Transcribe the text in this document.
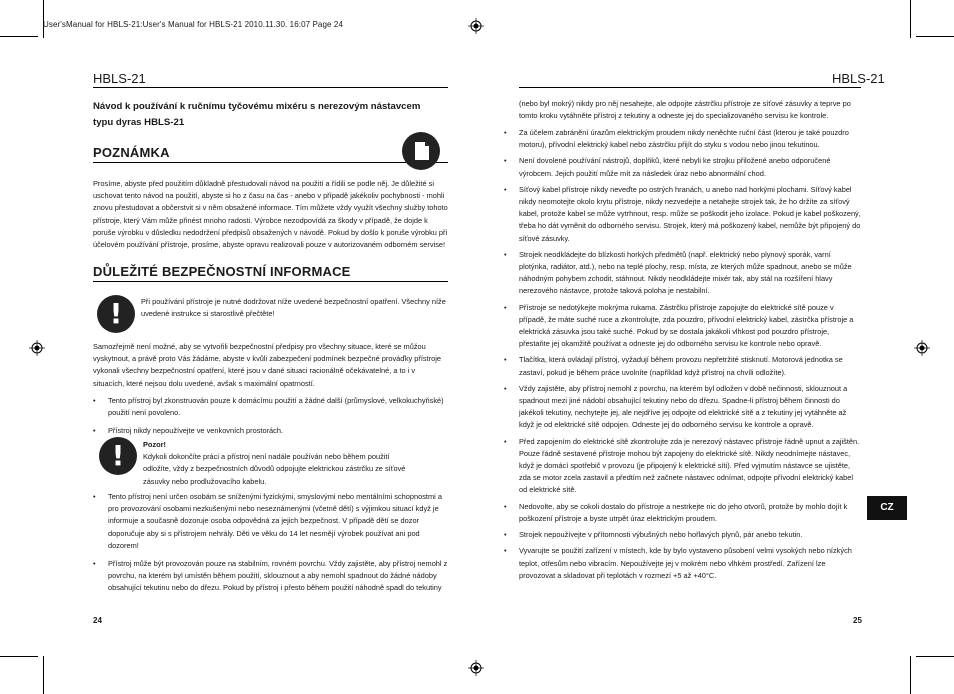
User'sManual for HBLS-21:User's Manual for HBLS-21 2010.11.30. 16:07 Page 24
HBLS-21	HBLS-21
Návod k používání k ručnímu tyčovému mixéru s nerezovým nástavcem
typu dyras HBLS-21
POZNÁMKA
Prosíme, abyste před použitím důkladně přestudovali návod na použití a řídili se podle něj. Je důležité si uschovat tento návod na použití, abyste si ho z času na čas - anebo v případě jakékoliv pochybnosti - mohli znovu přestudovat a občerstvit si v něm obsažené informace. Tím můžete vždy využít všechny služby tohoto přístroje, který Vám může přinést mnoho radosti. Výrobce nezodpovídá za škody v případě, že dojde k poruše výrobku v důsledku nedodržení předpisů obsažených v návodě. Pokud by došlo k poruše výrobku při účelovém používání přístroje, prosíme, abyste opravu realizovali pouze v autorizovaném odborném servise!
DŮLEŽITÉ BEZPEČNOSTNÍ INFORMACE
!	Při používání přístroje je nutné dodržovat níže uvedené bezpečnostní opatření. Všechny níže uvedené instrukce si starostlivě přečtěte!
Samozřejmě není možné, aby se vytvořili bezpečnostní předpisy pro všechny situace, které se můžou vyskytnout, a právě proto Vás žádáme, abyste v kvůli zabezpečení podmínek bezpečné prováďky přístroje vykonali všechny bezpečnostní opatření, které jsou v dané situaci racionálně očekávatelné, a to i v situacích, které nejsou dolu uvedené, avšak s maximální opatrností.
• Tento přístroj byl zkonstruován pouze k domácímu použití a žádné další (průmyslové, velkokuchyňské) použití není povoleno.
• Přístroj nikdy nepoužívejte ve venkovních prostorách.
!	Pozor!
Kdykoli dokončíte práci a přístroj není nadále používán nebo během použití odložíte, vždy z bezpečnostních důvodů odpojujte elektrickou zástrčku ze síťové zásuvky nebo prodlužovacího kabelu.
• Tento přístroj není určen osobám se sníženými fyzickými, smyslovými nebo mentálními schopnostmi a pro provozování osobami nezkušenými nebo neseznámenými (včetně dětí) s výjimkou situací když je informuje a současně dozoruje osoba odpovědná za jejich bezpečnost. V případě dětí se dozor doporučuje aby si s přístrojem nehrály. Děti ve věku do 14 let nesmějí výrobek používat ani pod dozorem!
• Přístroj může být provozován pouze na stabilním, rovném povrchu. Vždy zajistěte, aby přístroj nemohl z povrchu, na kterém byl umístěn během použití, sklouznout a aby nemohl spadnout do žádné nádoby obsahující tekutinu nebo do dřezu. Pokud by přístroj i přesto během použití náhodně spadl do tekutiny
24
(nebo byl mokrý) nikdy pro něj nesahejte, ale odpojte zástrčku přístroje ze síťové zásuvky a teprve po tomto kroku vytáhněte přístroj z tekutiny a odneste jej do specializovaného servisu ke kontrole.
• Za účelem zabránění úrazům elektrickým proudem nikdy neněchte ruční část (kterou je také pouzdro motoru), přívodní elektrický kabel nebo zástrčku přijít do styku s vodou nebo jinou tekutinou.
• Není dovolené používání nástrojů, doplňků, které nebyli ke strojku přiložené anebo odporučené výrobcem. Jejich použití může mít za následek úraz nebo abnormální chod.
• Síťový kabel přístroje nikdy neveďte po ostrých hranách, u anebo nad horkými plochami. Síťový kabel nikdy neomotejte okolo krytu přístroje, nikdy nezvedejte a netahejte strojek tak, že ho držíte za síťový kabel, protože kabel se může vytrhnout, resp. může se poškodit jeho izolace. Pokud je kabel poškozený, třeba ho dát vyměnit do odborného servisu. Strojek, který má poškozený kabel, nemůže být připojený do síťové zásuvky.
• Strojek neodkládejte do blízkosti horkých předmětů (např. elektrický nebo plynový sporák, varní plotýnka, radiátor, atd.), nebo na teplé plochy, resp. místa, ze kterých může spadnout, anebo se může náhodným pohybem zchodit, stáhnout. Nikdy neodkládejte mixér tak, aby stál na rozšíření hlavy nerezového nástavce, protože taková poloha je nestabilní.
• Přístroje se nedotýkejte mokrýma rukama. Zástrčku přístroje zapojujte do elektrické sítě pouze v případě, že máte suché ruce a zkontrolujte, zda pouzdro, přívodní elektrický kabel, zástrčka přístroje a elektrická zásuvka jsou také suché. Pokud by se dostala jakákoli vlhkost pod pouzdro přístroje, přestaňte jej okamžitě používat a odneste jej do odborného servisu ke kontrole nebo opravě.
• Tlačítka, která ovládají přístroj, vyžadují během provozu nepřetržité stisknutí. Motorová jednotka se zastaví, pokud je během práce uvolníte (například když přístroj na chvíli odložíte).
• Vždy zajistěte, aby přístroj nemohl z povrchu, na kterém byl odložen v době nečinnosti, sklouznout a spadnout mezi jiné nádobí obsahující tekutiny nebo do dřezu. Spadne-li přístroj během činnosti do jakékoli tekutiny, nechytejte jej, ale nejdříve jej odpojte od elektrické sítě a z tekutiny jej vytáhněte až když je od elektrické sítě odpojen. Odneste jej do odborného servisu ke kontrole a opravě.
• Před zapojením do elektrické sítě zkontrolujte zda je nerezový nástavec přístroje řádně upnut a zajištěn. Pouze řádně sestavené přístroje mohou být zapojeny do elektrické sítě. Nikdy neodnímejte nástavec, když je domácí spotřebič v provozu (je připojený k elektrické síti). Před vyjmutím nástavce se ujistěte, zda se motor zcela zastavil a předtím než začnete nástavec odnímat, odpojte přívodní elektrický kabel od elektrické sítě.
• Nedovolte, aby se cokoli dostalo do přístroje a nestrkejte nic do jeho otvorů, protože by mohlo dojít k poškození přístroje a byste utrpět úraz elektrickým proudem.
• Strojek nepoužívejte v přítomnosti výbušných nebo hořlavých plynů, pár anebo tekutin.
• Vyvarujte se použití zařízení v místech, kde by bylo vystaveno působení velmi vysokých nebo nízkých teplot, otřesům nebo vibracím. Nepoužívejte jej v mokrém nebo vlhkém prostředí. Zařízení lze provozovat a skladovat při teplotách v rozmezí +5 až +40°C.
CZ
25
